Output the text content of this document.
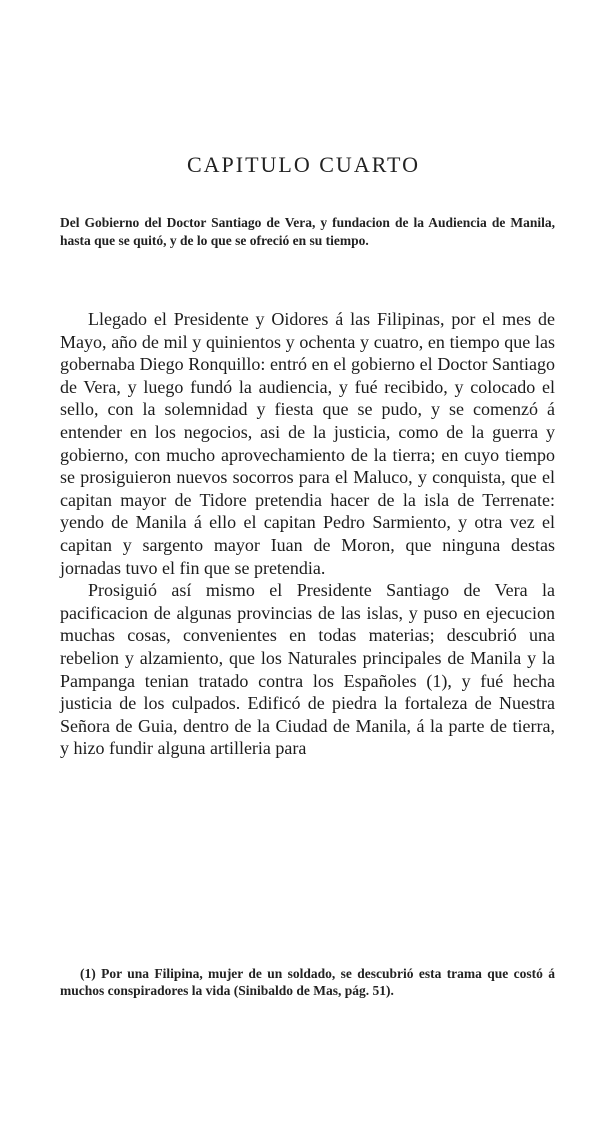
CAPITULO CUARTO
Del Gobierno del Doctor Santiago de Vera, y fundacion de la Audiencia de Manila, hasta que se quitó, y de lo que se ofreció en su tiempo.

Llegado el Presidente y Oidores á las Filipinas, por el mes de Mayo, año de mil y quinientos y ochenta y cuatro, en tiempo que las gobernaba Diego Ronquillo: entró en el gobierno el Doctor Santiago de Vera, y luego fundó la audiencia, y fué recibido, y colocado el sello, con la solemnidad y fiesta que se pudo, y se comenzó á entender en los negocios, asi de la justicia, como de la guerra y gobierno, con mucho aprovechamiento de la tierra; en cuyo tiempo se prosiguieron nuevos socorros para el Maluco, y conquista, que el capitan mayor de Tidore pretendia hacer de la isla de Terrenate: yendo de Manila á ello el capitan Pedro Sarmiento, y otra vez el capitan y sargento mayor Iuan de Moron, que ninguna destas jornadas tuvo el fin que se pretendia.

Prosiguió así mismo el Presidente Santiago de Vera la pacificacion de algunas provincias de las islas, y puso en ejecucion muchas cosas, convenientes en todas materias; descubrió una rebelion y alzamiento, que los Naturales principales de Manila y la Pampanga tenian tratado contra los Españoles (1), y fué hecha justicia de los culpados. Edificó de piedra la fortaleza de Nuestra Señora de Guia, dentro de la Ciudad de Manila, á la parte de tierra, y hizo fundir alguna artilleria para

(1) Por una Filipina, mujer de un soldado, se descubrió esta trama que costó á muchos conspiradores la vida (Sinibaldo de Mas, pág. 51).
